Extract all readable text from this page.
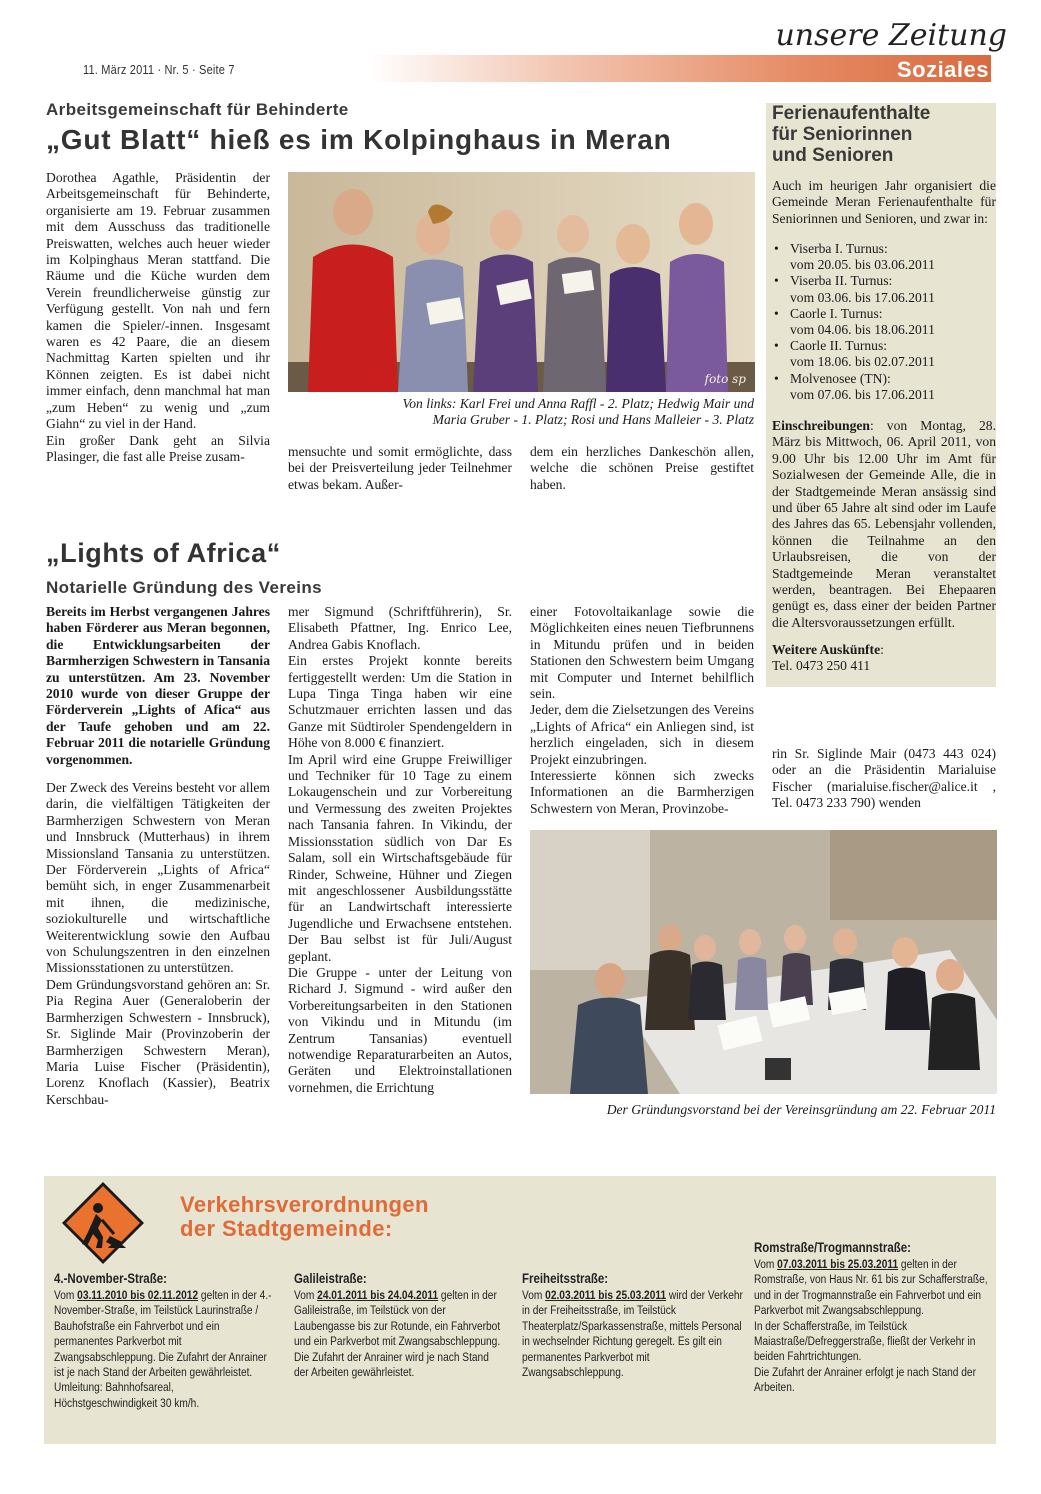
Soziales
unsere Zeitung
11. März 2011 · Nr. 5 · Seite 7
Arbeitsgemeinschaft für Behinderte
„Gut Blatt“ hieß es im Kolpinghaus in Meran

Dorothea Agathle, Präsidentin der Arbeitsgemeinschaft für Behinderte, organisierte am 19. Februar zusammen mit dem Ausschuss das traditionelle Preiswatten, welches auch heuer wieder im Kolpinghaus Meran stattfand. Die Räume und die Küche wurden dem Verein freundlicherweise günstig zur Verfügung gestellt. Von nah und fern kamen die Spieler/-innen. Insgesamt waren es 42 Paare, die an diesem Nachmittag Karten spielten und ihr Können zeigten. Es ist dabei nicht immer einfach, denn manchmal hat man „zum Heben“ zu wenig und „zum Giahn“ zu viel in der Hand.
Ein großer Dank geht an Silvia Plasinger, die fast alle Preise zusam-

foto sp
Von links: Karl Frei und Anna Raffl - 2. Platz; Hedwig Mair und
Maria Gruber - 1. Platz; Rosi und Hans Malleier - 3. Platz

mensuchte und somit ermöglichte, dass bei der Preisverteilung jeder Teilnehmer etwas bekam. Außer-

dem ein herzliches Dankeschön allen, welche die schönen Preise gestiftet haben.

Ferienaufenthalte
für Seniorinnen
und Senioren

Auch im heurigen Jahr organisiert die Gemeinde Meran Ferienaufenthalte für Seniorinnen und Senioren, und zwar in:

• Viserba I. Turnus:
vom 20.05. bis 03.06.2011
• Viserba II. Turnus:
vom 03.06. bis 17.06.2011
• Caorle I. Turnus:
vom 04.06. bis 18.06.2011
• Caorle II. Turnus:
vom 18.06. bis 02.07.2011
• Molvenosee (TN):
vom 07.06. bis 17.06.2011

Einschreibungen: von Montag, 28. März bis Mittwoch, 06. April 2011, von 9.00 Uhr bis 12.00 Uhr im Amt für Sozialwesen der Gemeinde Alle, die in der Stadtgemeinde Meran ansässig sind und über 65 Jahre alt sind oder im Laufe des Jahres das 65. Lebensjahr vollenden, können die Teilnahme an den Urlaubsreisen, die von der Stadtgemeinde Meran veranstaltet werden, beantragen. Bei Ehepaaren genügt es, dass einer der beiden Partner die Altersvoraussetzungen erfüllt.

Weitere Auskünfte:
Tel. 0473 250 411

rin Sr. Siglinde Mair (0473 443 024) oder an die Präsidentin Marialuise Fischer (marialuise.fischer@alice.it , Tel. 0473 233 790) wenden

„Lights of Africa“
Notarielle Gründung des Vereins

Bereits im Herbst vergangenen Jahres haben Förderer aus Meran begonnen, die Entwicklungsarbeiten der Barmherzigen Schwestern in Tansania zu unterstützen. Am 23. November 2010 wurde von dieser Gruppe der Förderverein „Lights of Afica“ aus der Taufe gehoben und am 22. Februar 2011 die notarielle Gründung vorgenommen.

Der Zweck des Vereins besteht vor allem darin, die vielfältigen Tätigkeiten der Barmherzigen Schwestern von Meran und Innsbruck (Mutterhaus) in ihrem Missionsland Tansania zu unterstützen. Der Förderverein „Lights of Africa“ bemüht sich, in enger Zusammenarbeit mit ihnen, die medizinische, soziokulturelle und wirtschaftliche Weiterentwicklung sowie den Aufbau von Schulungszentren in den einzelnen Missionsstationen zu unterstützen.
Dem Gründungsvorstand gehören an: Sr. Pia Regina Auer (Generaloberin der Barmherzigen Schwestern - Innsbruck), Sr. Siglinde Mair (Provinzoberin der Barmherzigen Schwestern Meran), Maria Luise Fischer (Präsidentin), Lorenz Knoflach (Kassier), Beatrix Kerschbau-

mer Sigmund (Schriftführerin), Sr. Elisabeth Pfattner, Ing. Enrico Lee, Andrea Gabis Knoflach.
Ein erstes Projekt konnte bereits fertiggestellt werden: Um die Station in Lupa Tinga Tinga haben wir eine Schutzmauer errichten lassen und das Ganze mit Südtiroler Spendengeldern in Höhe von 8.000 € finanziert.
Im April wird eine Gruppe Freiwilliger und Techniker für 10 Tage zu einem Lokaugenschein und zur Vorbereitung und Vermessung des zweiten Projektes nach Tansania fahren. In Vikindu, der Missionsstation südlich von Dar Es Salam, soll ein Wirtschaftsgebäude für Rinder, Schweine, Hühner und Ziegen mit angeschlossener Ausbildungsstätte für an Landwirtschaft interessierte Jugendliche und Erwachsene entstehen. Der Bau selbst ist für Juli/August geplant.
Die Gruppe - unter der Leitung von Richard J. Sigmund - wird außer den Vorbereitungsarbeiten in den Stationen von Vikindu und in Mitundu (im Zentrum Tansanias) eventuell notwendige Reparaturarbeiten an Autos, Geräten und Elektroinstallationen vornehmen, die Errichtung

einer Fotovoltaikanlage sowie die Möglichkeiten eines neuen Tiefbrunnens in Mitundu prüfen und in beiden Stationen den Schwestern beim Umgang mit Computer und Internet behilflich sein.
Jeder, dem die Zielsetzungen des Vereins „Lights of Africa“ ein Anliegen sind, ist herzlich eingeladen, sich in diesem Projekt einzubringen.
Interessierte können sich zwecks Informationen an die Barmherzigen Schwestern von Meran, Provinzobe-

Der Gründungsvorstand bei der Vereinsgründung am 22. Februar 2011
Verkehrsverordnungen
der Stadtgemeinde:
4.-November-Straße:
Vom 03.11.2010 bis 02.11.2012 gelten in der 4.-November-Straße, im Teilstück Laurinstraße / Bauhofstraße ein Fahrverbot und ein permanentes Parkverbot mit Zwangsabschleppung. Die Zufahrt der Anrainer ist je nach Stand der Arbeiten gewährleistet. Umleitung: Bahnhofsareal, Höchstgeschwindigkeit 30 km/h.
Galileistraße:
Vom 24.01.2011 bis 24.04.2011 gelten in der Galileistraße, im Teilstück von der Laubengasse bis zur Rotunde, ein Fahrverbot und ein Parkverbot mit Zwangsabschleppung. Die Zufahrt der Anrainer wird je nach Stand der Arbeiten gewährleistet.
Freiheitsstraße:
Vom 02.03.2011 bis 25.03.2011 wird der Verkehr in der Freiheitsstraße, im Teilstück Theaterplatz/Sparkassenstraße, mittels Personal in wechselnder Richtung geregelt. Es gilt ein permanentes Parkverbot mit Zwangsabschleppung.
Romstraße/Trogmannstraße:
Vom 07.03.2011 bis 25.03.2011 gelten in der Romstraße, von Haus Nr. 61 bis zur Schafferstraße, und in der Trogmannstraße ein Fahrverbot und ein Parkverbot mit Zwangsabschleppung.
In der Schafferstraße, im Teilstück Maiastraße/Defreggerstraße, fließt der Verkehr in beiden Fahrtrichtungen.
Die Zufahrt der Anrainer erfolgt je nach Stand der Arbeiten.
